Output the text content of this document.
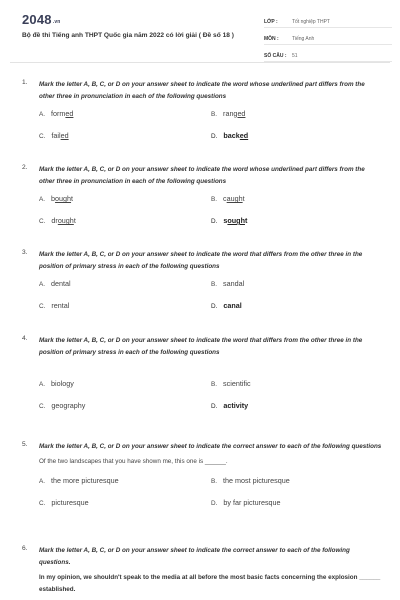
2048.vn
Bộ đề thi Tiếng anh THPT Quốc gia năm 2022 có lời giải ( Đề số 18 )
LỚP :	Tốt nghiệp THPT
MÔN :	Tiếng Anh
SỐ CÂU :	51
1. Mark the letter A, B, C, or D on your answer sheet to indicate the word whose underlined part differs from the other three in pronunciation in each of the following questions
A. formed	B. ranged
C. failed	D. backed
2. Mark the letter A, B, C, or D on your answer sheet to indicate the word whose underlined part differs from the other three in pronunciation in each of the following questions
A. bought	B. caught
C. drought	D. sought
3. Mark the letter A, B, C, or D on your answer sheet to indicate the word that differs from the other three in the position of primary stress in each of the following questions
A. dental	B. sandal
C. rental	D. canal
4. Mark the letter A, B, C, or D on your answer sheet to indicate the word that differs from the other three in the position of primary stress in each of the following questions
A. biology	B. scientific
C. geography	D. activity
5. Mark the letter A, B, C, or D on your answer sheet to indicate the correct answer to each of the following questions
Of the two landscapes that you have shown me, this one is ______.
A. the more picturesque	B. the most picturesque
C. picturesque	D. by far picturesque
6. Mark the letter A, B, C, or D on your answer sheet to indicate the correct answer to each of the following questions.
In my opinion, we shouldn't speak to the media at all before the most basic facts concerning the explosion ______ established.
